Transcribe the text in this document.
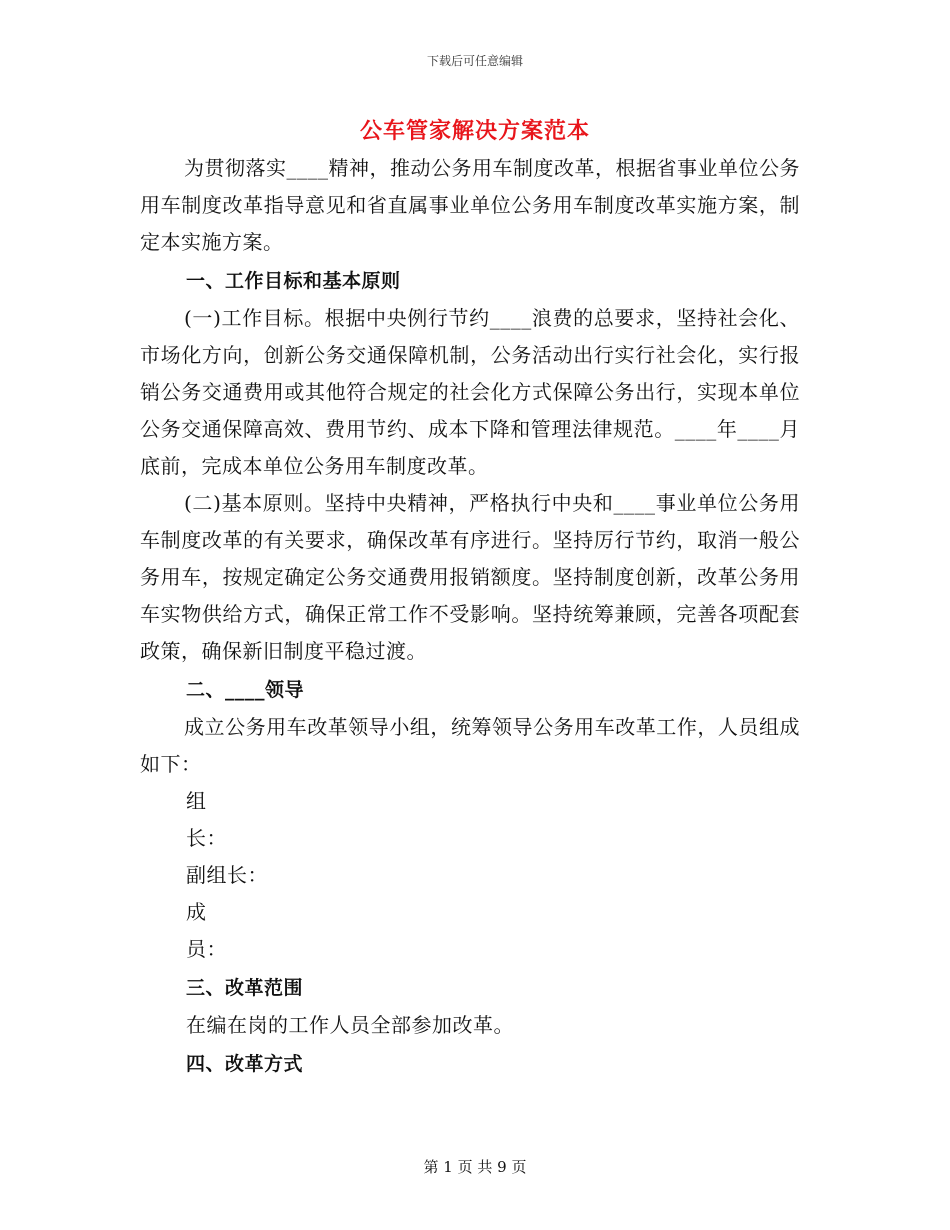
下载后可任意编辑
公车管家解决方案范本

为贯彻落实____精神，推动公务用车制度改革，根据省事业单位公务用车制度改革指导意见和省直属事业单位公务用车制度改革实施方案，制定本实施方案。

一、工作目标和基本原则

(一)工作目标。根据中央例行节约____浪费的总要求，坚持社会化、市场化方向，创新公务交通保障机制，公务活动出行实行社会化，实行报销公务交通费用或其他符合规定的社会化方式保障公务出行，实现本单位公务交通保障高效、费用节约、成本下降和管理法律规范。____年____月底前，完成本单位公务用车制度改革。

(二)基本原则。坚持中央精神，严格执行中央和____事业单位公务用车制度改革的有关要求，确保改革有序进行。坚持厉行节约，取消一般公务用车，按规定确定公务交通费用报销额度。坚持制度创新，改革公务用车实物供给方式，确保正常工作不受影响。坚持统筹兼顾，完善各项配套政策，确保新旧制度平稳过渡。

二、____领导

成立公务用车改革领导小组，统筹领导公务用车改革工作，人员组成如下：

组

长：

副组长：

成

员：

三、改革范围

在编在岗的工作人员全部参加改革。

四、改革方式

第 1 页 共 9 页
